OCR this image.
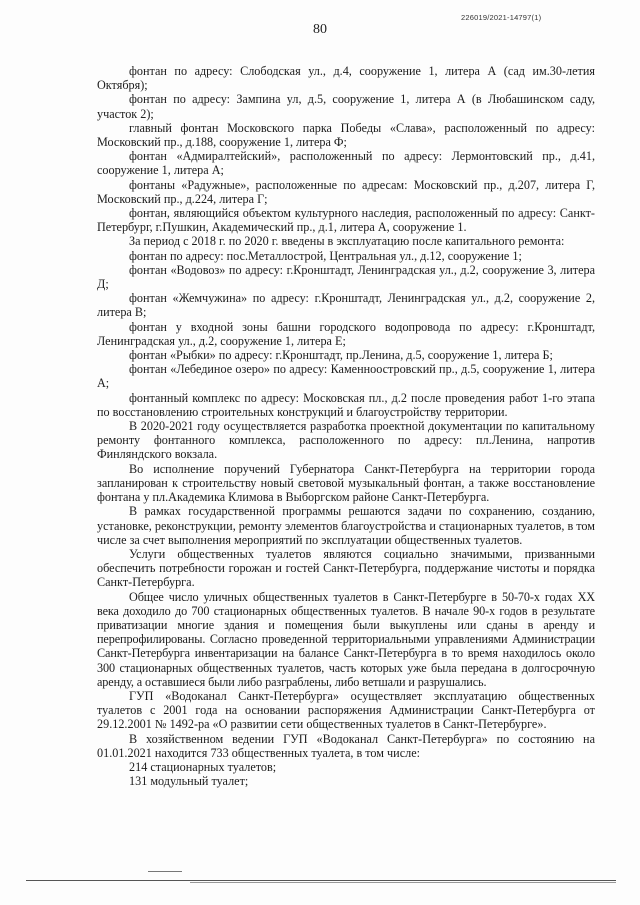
226019/2021-14797(1)
80

фонтан по адресу: Слободская ул., д.4, сооружение 1, литера А (сад им.30-летия Октября);

фонтан по адресу: Зампина ул, д.5, сооружение 1, литера А (в Любашинском саду, участок 2);

главный фонтан Московского парка Победы «Слава», расположенный по адресу: Московский пр., д.188, сооружение 1, литера Ф;

фонтан «Адмиралтейский», расположенный по адресу: Лермонтовский пр., д.41, сооружение 1, литера А;

фонтаны «Радужные», расположенные по адресам: Московский пр., д.207, литера Г, Московский пр., д.224, литера Г;

фонтан, являющийся объектом культурного наследия, расположенный по адресу: Санкт-Петербург, г.Пушкин, Академический пр., д.1, литера А, сооружение 1.

За период с 2018 г. по 2020 г. введены в эксплуатацию после капитального ремонта:

фонтан по адресу: пос.Металлострой, Центральная ул., д.12, сооружение 1;

фонтан «Водовоз» по адресу: г.Кронштадт, Ленинградская ул., д.2, сооружение 3, литера Д;

фонтан «Жемчужина» по адресу: г.Кронштадт, Ленинградская ул., д.2, сооружение 2, литера В;

фонтан у входной зоны башни городского водопровода по адресу: г.Кронштадт, Ленинградская ул., д.2, сооружение 1, литера Е;

фонтан «Рыбки» по адресу: г.Кронштадт, пр.Ленина, д.5, сооружение 1, литера Б;

фонтан «Лебединое озеро» по адресу: Каменноостровский пр., д.5, сооружение 1, литера А;

фонтанный комплекс по адресу: Московская пл., д.2 после проведения работ 1-го этапа по восстановлению строительных конструкций и благоустройству территории.

В 2020-2021 году осуществляется разработка проектной документации по капитальному ремонту фонтанного комплекса, расположенного по адресу: пл.Ленина, напротив Финляндского вокзала.

Во исполнение поручений Губернатора Санкт-Петербурга на территории города запланирован к строительству новый световой музыкальный фонтан, а также восстановление фонтана у пл.Академика Климова в Выборгском районе Санкт-Петербурга.

В рамках государственной программы решаются задачи по сохранению, созданию, установке, реконструкции, ремонту элементов благоустройства и стационарных туалетов, в том числе за счет выполнения мероприятий по эксплуатации общественных туалетов.

Услуги общественных туалетов являются социально значимыми, призванными обеспечить потребности горожан и гостей Санкт-Петербурга, поддержание чистоты и порядка Санкт-Петербурга.

Общее число уличных общественных туалетов в Санкт-Петербурге в 50-70-х годах XX века доходило до 700 стационарных общественных туалетов. В начале 90-х годов в результате приватизации многие здания и помещения были выкуплены или сданы в аренду и перепрофилированы. Согласно проведенной территориальными управлениями Администрации Санкт-Петербурга инвентаризации на балансе Санкт-Петербурга в то время находилось около 300 стационарных общественных туалетов, часть которых уже была передана в долгосрочную аренду, а оставшиеся были либо разграблены, либо ветшали и разрушались.

ГУП «Водоканал Санкт-Петербурга» осуществляет эксплуатацию общественных туалетов с 2001 года на основании распоряжения Администрации Санкт-Петербурга от 29.12.2001 № 1492-ра «О развитии сети общественных туалетов в Санкт-Петербурге».

В хозяйственном ведении ГУП «Водоканал Санкт-Петербурга» по состоянию на 01.01.2021 находится 733 общественных туалета, в том числе:

214 стационарных туалетов;
131 модульный туалет;
